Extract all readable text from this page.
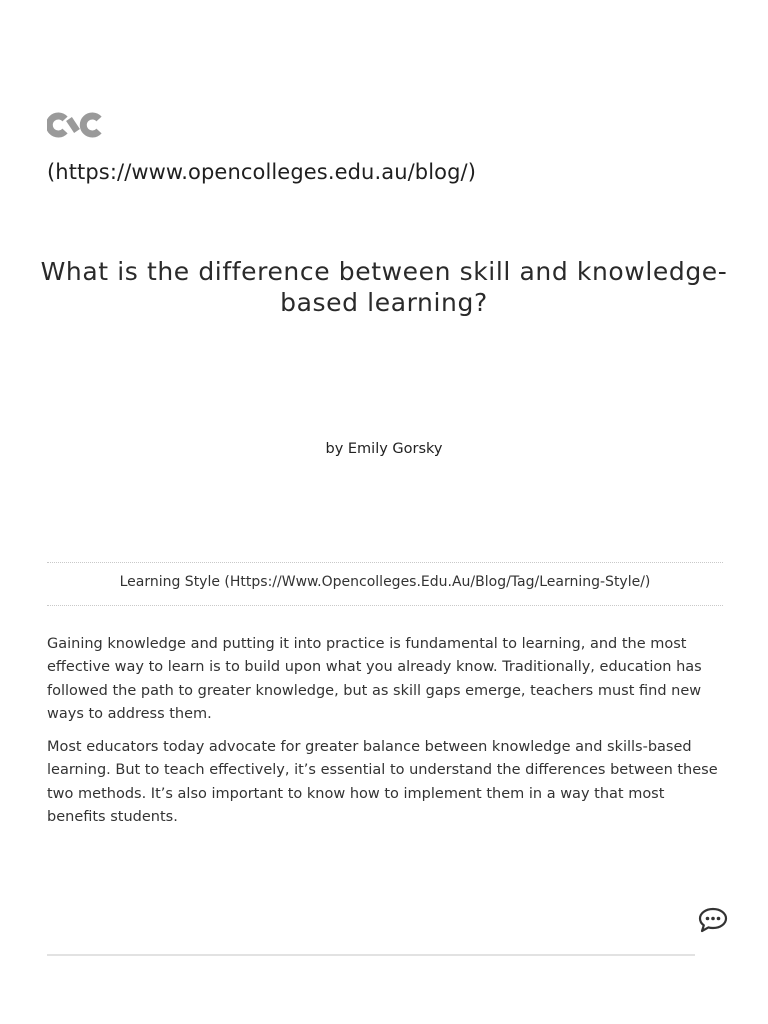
(https://www.opencolleges.edu.au/blog/)
What is the difference between skill and knowledge-based learning?
by Emily Gorsky
Learning Style (Https://Www.Opencolleges.Edu.Au/Blog/Tag/Learning-Style/)

Gaining knowledge and putting it into practice is fundamental to learning, and the most effective way to learn is to build upon what you already know. Traditionally, education has followed the path to greater knowledge, but as skill gaps emerge, teachers must find new ways to address them.

Most educators today advocate for greater balance between knowledge and skills-based learning. But to teach effectively, it’s essential to understand the differences between these two methods. It’s also important to know how to implement them in a way that most benefits students.
